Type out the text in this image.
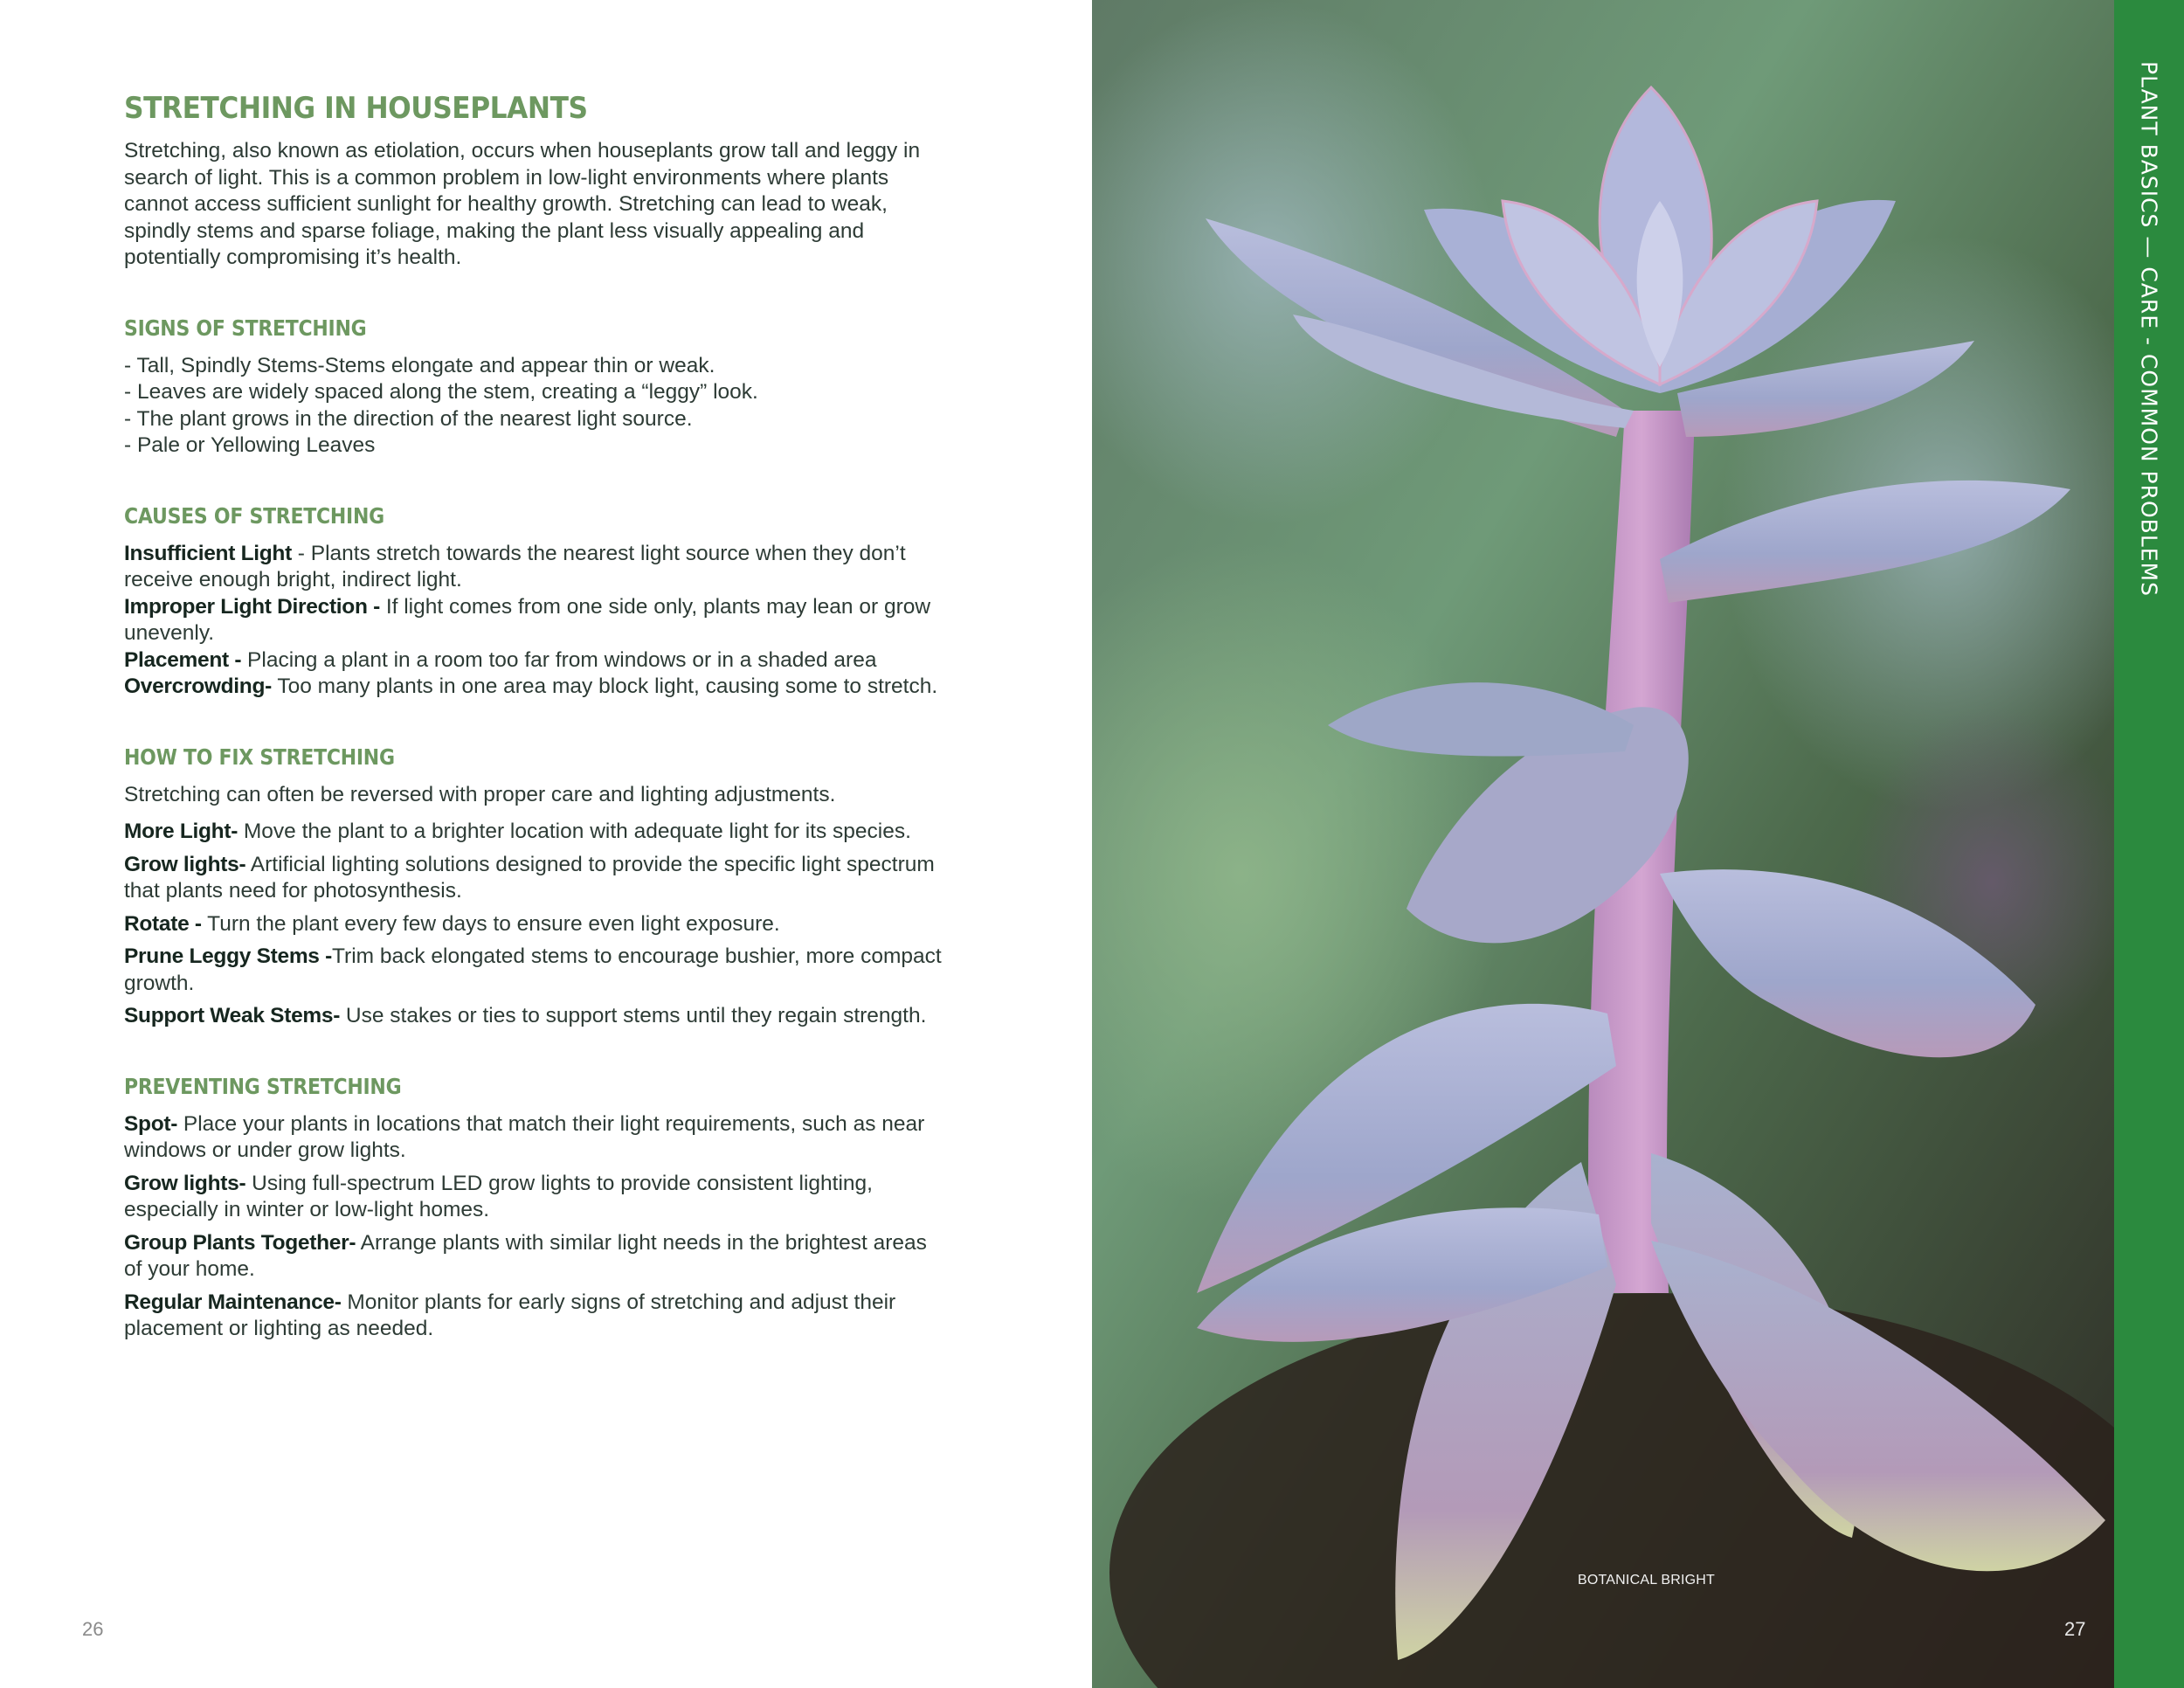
STRETCHING IN HOUSEPLANTS

Stretching, also known as etiolation, occurs when houseplants grow tall and leggy in search of light. This is a common problem in low-light environments where plants cannot access sufficient sunlight for healthy growth. Stretching can lead to weak, spindly stems and sparse foliage, making the plant less visually appealing and potentially compromising it’s health.

SIGNS OF STRETCHING

- Tall, Spindly Stems-Stems elongate and appear thin or weak.

- Leaves are widely spaced along the stem, creating a “leggy” look.

- The plant grows in the direction of the nearest light source.

- Pale or Yellowing Leaves

CAUSES OF STRETCHING

Insufficient Light - Plants stretch towards the nearest light source when they don’t receive enough bright, indirect light.

Improper Light Direction - If light comes from one side only, plants may lean or grow unevenly.

Placement - Placing a plant in a room too far from windows or in a shaded area

Overcrowding- Too many plants in one area may block light, causing some to stretch.

HOW TO FIX STRETCHING

Stretching can often be reversed with proper care and lighting adjustments.

More Light- Move the plant to a brighter location with adequate light for its species.

Grow lights- Artificial lighting solutions designed to provide the specific light spectrum that plants need for photosynthesis.

Rotate - Turn the plant every few days to ensure even light exposure.

Prune Leggy Stems -Trim back elongated stems to encourage bushier, more compact growth.

Support Weak Stems- Use stakes or ties to support stems until they regain strength.

PREVENTING STRETCHING

Spot- Place your plants in locations that match their light requirements, such as near windows or under grow lights.

Grow lights- Using full-spectrum LED grow lights to provide consistent lighting, especially in winter or low-light homes.

Group Plants Together- Arrange plants with similar light needs in the brightest areas of your home.

Regular Maintenance- Monitor plants for early signs of stretching and adjust their placement or lighting as needed.

26
BOTANICAL BRIGHT
27
PLANT BASICS — CARE - COMMON PROBLEMS
